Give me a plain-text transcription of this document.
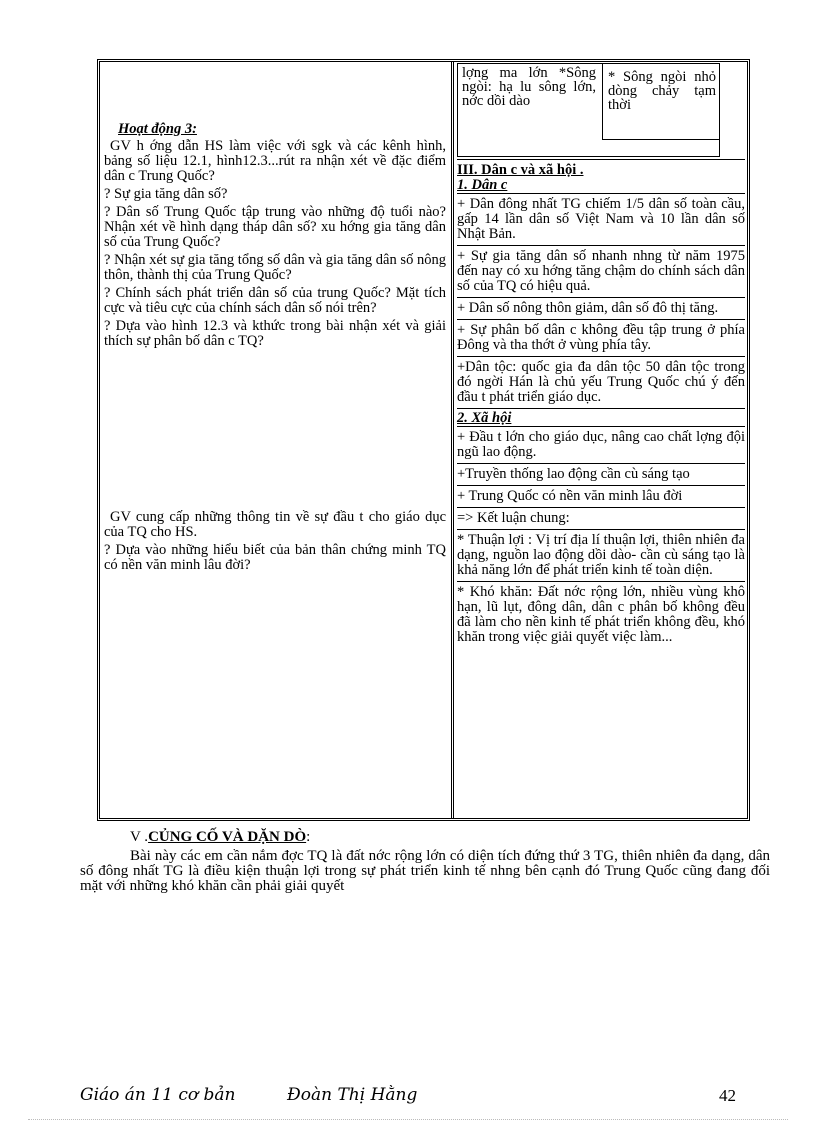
Hoạt động 3:

GV h ớng dẫn HS làm việc với sgk và các kênh hình, bảng số liệu 12.1, hình12.3...rút ra nhận xét về đặc điểm dân c Trung Quốc?

? Sự gia tăng dân số?

? Dân số Trung Quốc tập trung vào những độ tuổi nào? Nhận xét về hình dạng tháp dân số? xu hớng gia tăng dân số của Trung Quốc?

? Nhận xét sự gia tăng tổng số dân và gia tăng dân số nông thôn, thành thị của Trung Quốc?

? Chính sách phát triển dân số của trung Quốc? Mặt tích cực và tiêu cực của chính sách dân số nói trên?

? Dựa vào hình 12.3 và kthức trong bài nhận xét và giải thích sự phân bố dân c TQ?

GV cung cấp những thông tin về sự đầu t cho giáo dục của TQ cho HS.

? Dựa vào những hiểu biết của bản thân chứng minh TQ có nền văn minh lâu đời?

lợng ma lớn *Sông ngòi: hạ lu sông lớn, nớc dồi dào
* Sông ngòi nhỏ dòng chảy tạm thời

III. Dân c và xã hội .

1. Dân c

+ Dân đông nhất TG chiếm 1/5 dân số toàn cầu, gấp 14 lần dân số Việt Nam và 10 lần dân số Nhật Bản.

+ Sự gia tăng dân số nhanh nhng từ năm 1975 đến nay có xu hớng tăng chậm do chính sách dân số của TQ có hiệu quả.

+ Dân số nông thôn giảm, dân số đô thị tăng.

+ Sự phân bố dân c không đều tập trung ở phía Đông và tha thớt ở vùng phía tây.

+Dân tộc: quốc gia đa dân tộc 50 dân tộc trong đó ngời Hán là chủ yếu Trung Quốc chú ý đến đầu t phát triển giáo dục.

2. Xã hội

+ Đầu t lớn cho giáo dục, nâng cao chất lợng đội ngũ lao động.

+Truyền thống lao động cần cù sáng tạo

+ Trung Quốc có nền văn minh lâu đời

=> Kết luận chung:

* Thuận lợi : Vị trí địa lí thuận lợi, thiên nhiên đa dạng, nguồn lao động dồi dào- cần cù sáng tạo là khả năng lớn để phát triển kinh tế toàn diện.

* Khó khăn: Đất nớc rộng lớn, nhiều vùng khô hạn, lũ lụt, đông dân, dân c phân bố không đều đã làm cho nền kinh tế phát triển không đều, khó khăn trong việc giải quyết việc làm...

V .CỦNG CỐ VÀ DẶN DÒ:

Bài này các em cần nắm đợc TQ là đất nớc rộng lớn có diện tích đứng thứ 3 TG, thiên nhiên đa dạng, dân số đông nhất TG là điều kiện thuận lợi trong sự phát triển kinh tế nhng bên cạnh đó Trung Quốc cũng đang đối mặt với những khó khăn cần phải giải quyết

Giáo án 11 cơ bản	Đoàn Thị Hằng	42
